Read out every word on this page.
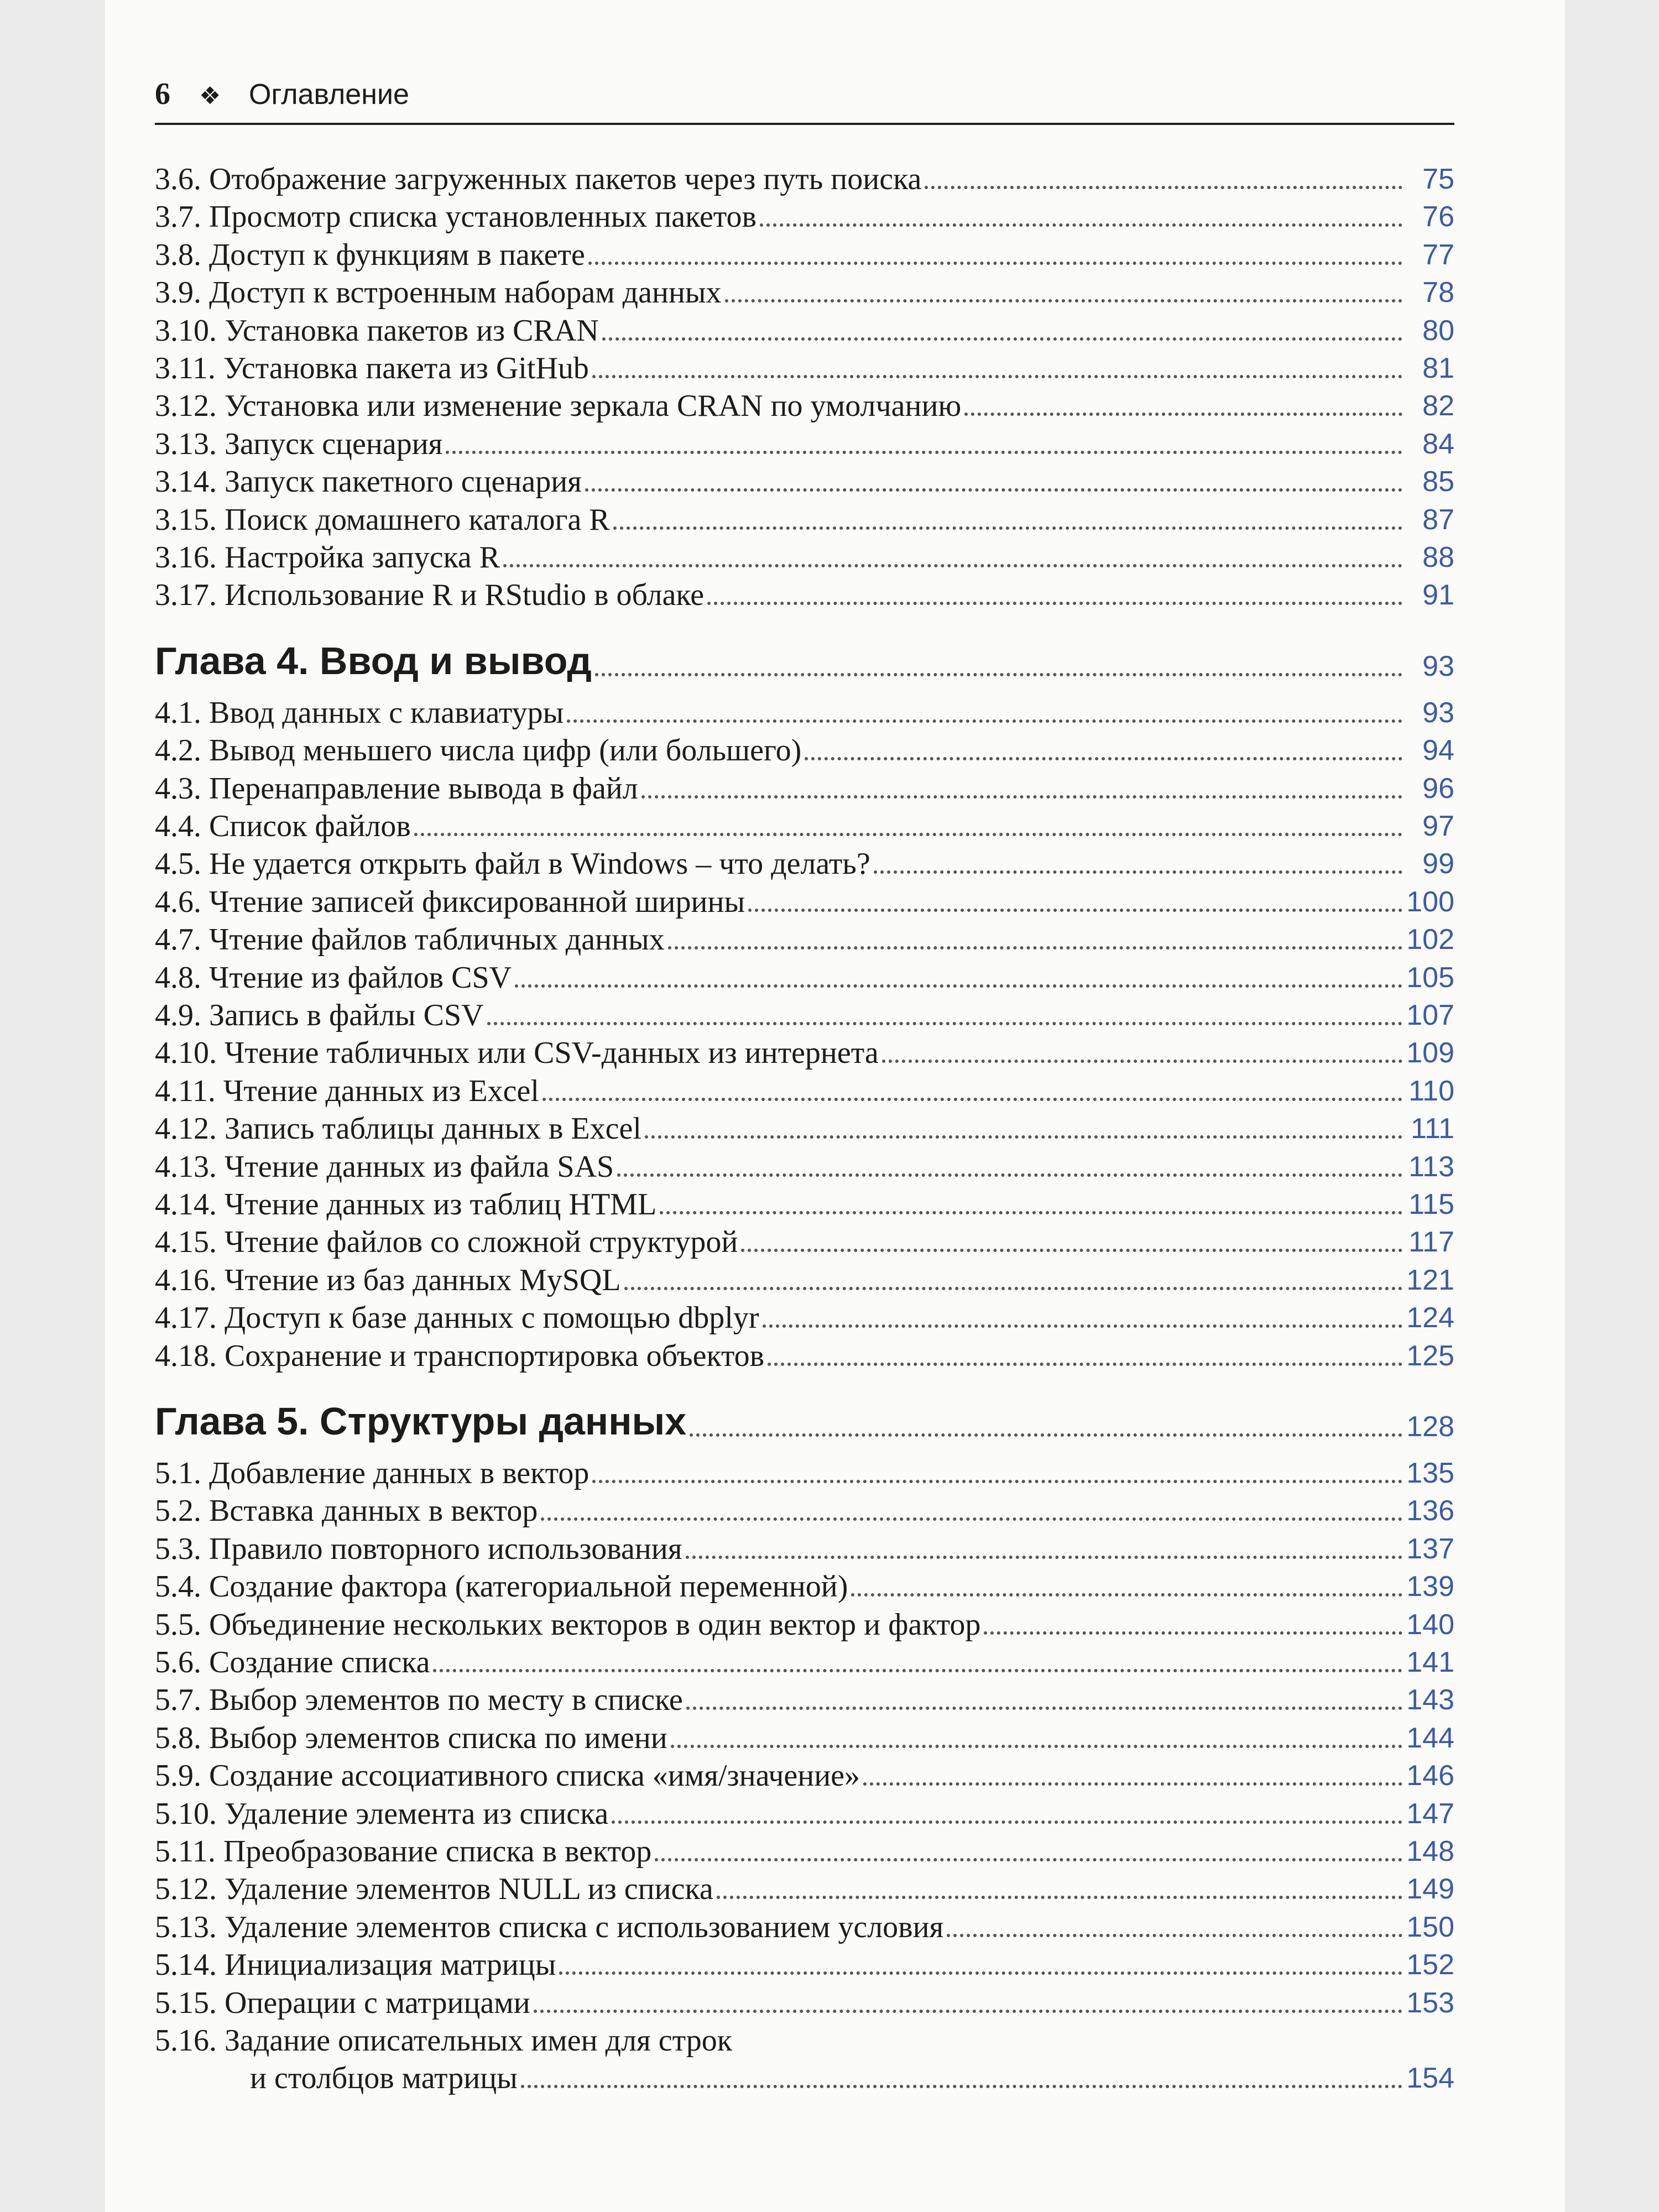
6 ❖ Оглавление
3.6. Отображение загруженных пакетов через путь поиска	75
3.7. Просмотр списка установленных пакетов	76
3.8. Доступ к функциям в пакете	77
3.9. Доступ к встроенным наборам данных	78
3.10. Установка пакетов из CRAN	80
3.11. Установка пакета из GitHub	81
3.12. Установка или изменение зеркала CRAN по умолчанию	82
3.13. Запуск сценария	84
3.14. Запуск пакетного сценария	85
3.15. Поиск домашнего каталога R	87
3.16. Настройка запуска R	88
3.17. Использование R и RStudio в облаке	91
Глава 4. Ввод и вывод	93
4.1. Ввод данных с клавиатуры	93
4.2. Вывод меньшего числа цифр (или большего)	94
4.3. Перенаправление вывода в файл	96
4.4. Список файлов	97
4.5. Не удается открыть файл в Windows – что делать?	99
4.6. Чтение записей фиксированной ширины	100
4.7. Чтение файлов табличных данных	102
4.8. Чтение из файлов CSV	105
4.9. Запись в файлы CSV	107
4.10. Чтение табличных или CSV-данных из интернета	109
4.11. Чтение данных из Excel	110
4.12. Запись таблицы данных в Excel	111
4.13. Чтение данных из файла SAS	113
4.14. Чтение данных из таблиц HTML	115
4.15. Чтение файлов со сложной структурой	117
4.16. Чтение из баз данных MySQL	121
4.17. Доступ к базе данных с помощью dbplyr	124
4.18. Сохранение и транспортировка объектов	125
Глава 5. Структуры данных	128
5.1. Добавление данных в вектор	135
5.2. Вставка данных в вектор	136
5.3. Правило повторного использования	137
5.4. Создание фактора (категориальной переменной)	139
5.5. Объединение нескольких векторов в один вектор и фактор	140
5.6. Создание списка	141
5.7. Выбор элементов по месту в списке	143
5.8. Выбор элементов списка по имени	144
5.9. Создание ассоциативного списка «имя/значение»	146
5.10. Удаление элемента из списка	147
5.11. Преобразование списка в вектор	148
5.12. Удаление элементов NULL из списка	149
5.13. Удаление элементов списка с использованием условия	150
5.14. Инициализация матрицы	152
5.15. Операции с матрицами	153
5.16. Задание описательных имен для строк
и столбцов матрицы	154
